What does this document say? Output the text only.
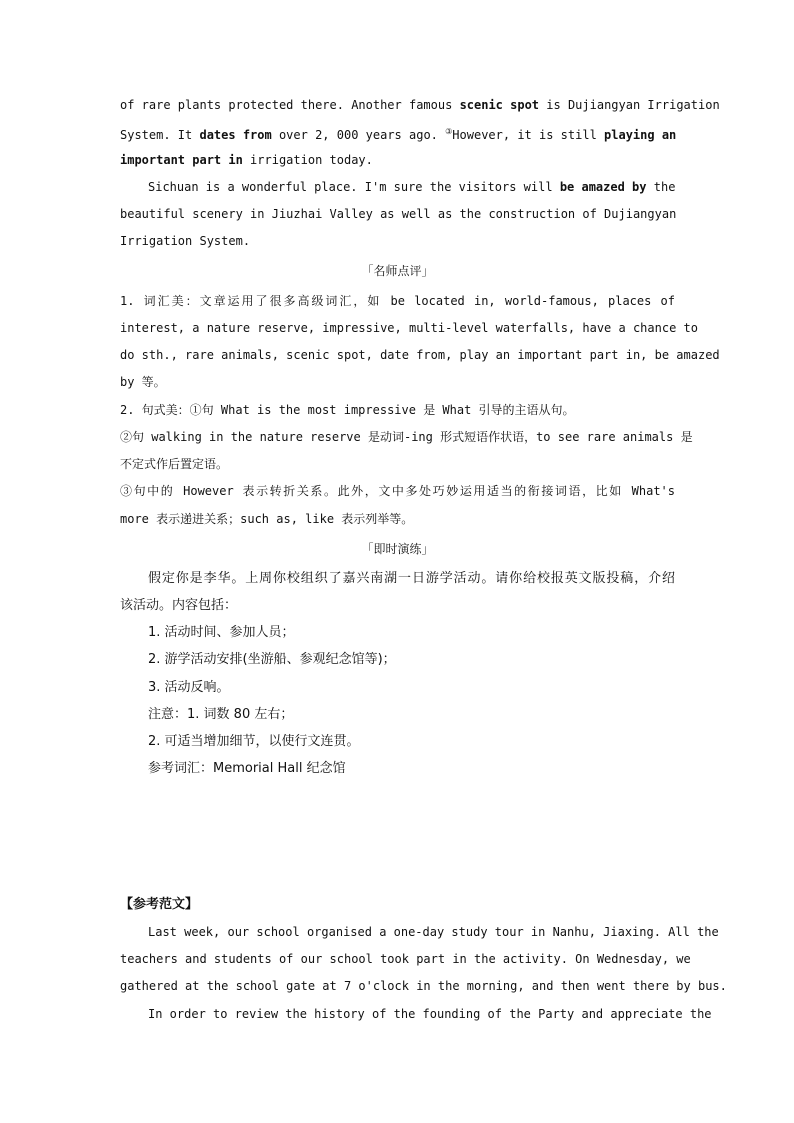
of rare plants protected there. Another famous scenic spot is Dujiangyan Irrigation
System. It dates from over 2, 000 years ago. ③However, it is still playing an
important part in irrigation today.
Sichuan is a wonderful place. I'm sure the visitors will be amazed by the
beautiful scenery in Jiuzhai Valley as well as the construction of Dujiangyan
Irrigation System.
「名师点评」
1. 词汇美：文章运用了很多高级词汇，如 be located in, world-famous, places of
interest, a nature reserve, impressive, multi-level waterfalls, have a chance to
do sth., rare animals, scenic spot, date from, play an important part in, be amazed
by 等。
2. 句式美：①句 What is the most impressive 是 What 引导的主语从句。
②句 walking in the nature reserve 是动词-ing 形式短语作状语，to see rare animals 是
不定式作后置定语。
③句中的 However 表示转折关系。此外，文中多处巧妙运用适当的衔接词语，比如 What's
more 表示递进关系；such as, like 表示列举等。
「即时演练」
假定你是李华。上周你校组织了嘉兴南湖一日游学活动。请你给校报英文版投稿，介绍
该活动。内容包括：
1. 活动时间、参加人员；
2. 游学活动安排(坐游船、参观纪念馆等)；
3. 活动反响。
注意：1. 词数 80 左右；
2. 可适当增加细节，以使行文连贯。
参考词汇：Memorial Hall 纪念馆
【参考范文】
Last week, our school organised a one-day study tour in Nanhu, Jiaxing. All the
teachers and students of our school took part in the activity. On Wednesday, we
gathered at the school gate at 7 o'clock in the morning, and then went there by bus.
In order to review the history of the founding of the Party and appreciate the
